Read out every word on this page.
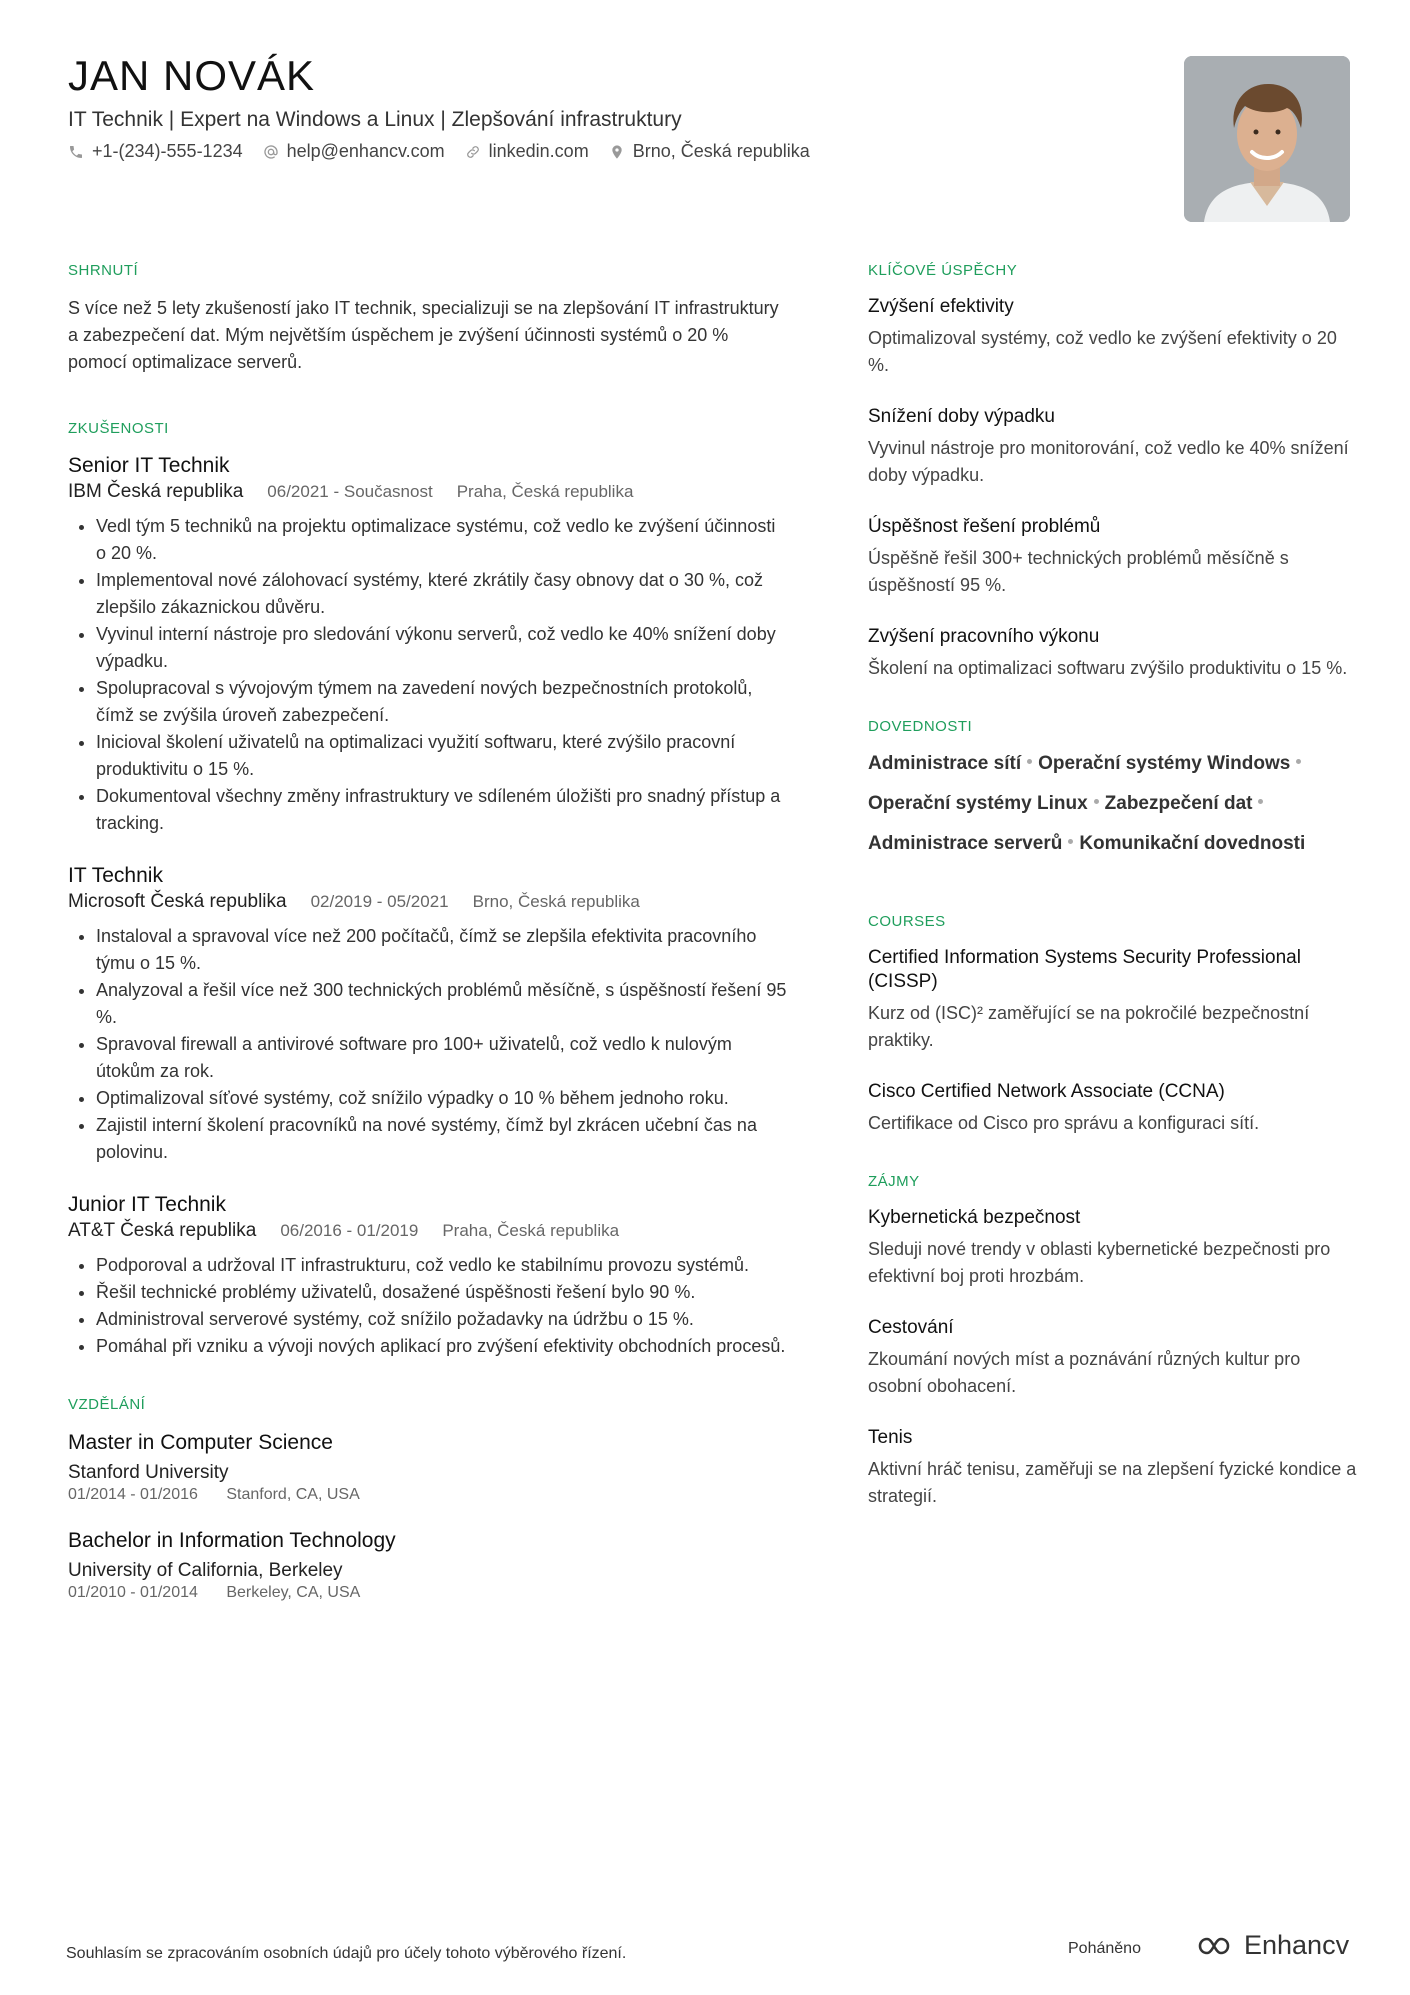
JAN NOVÁK
IT Technik | Expert na Windows a Linux | Zlepšování infrastruktury
+1-(234)-555-1234 help@enhancv.com linkedin.com Brno, Česká republika
SHRNUTÍ

S více než 5 lety zkušeností jako IT technik, specializuji se na zlepšování IT infrastruktury a zabezpečení dat. Mým největším úspěchem je zvýšení účinnosti systémů o 20 % pomocí optimalizace serverů.

ZKUŠENOSTI
Senior IT Technik
IBM Česká republika 06/2021 - Současnost Praha, Česká republika
• Vedl tým 5 techniků na projektu optimalizace systému, což vedlo ke zvýšení účinnosti o 20 %.
• Implementoval nové zálohovací systémy, které zkrátily časy obnovy dat o 30 %, což zlepšilo zákaznickou důvěru.
• Vyvinul interní nástroje pro sledování výkonu serverů, což vedlo ke 40% snížení doby výpadku.
• Spolupracoval s vývojovým týmem na zavedení nových bezpečnostních protokolů, čímž se zvýšila úroveň zabezpečení.
• Inicioval školení uživatelů na optimalizaci využití softwaru, které zvýšilo pracovní produktivitu o 15 %.
• Dokumentoval všechny změny infrastruktury ve sdíleném úložišti pro snadný přístup a tracking.
IT Technik
Microsoft Česká republika 02/2019 - 05/2021 Brno, Česká republika
• Instaloval a spravoval více než 200 počítačů, čímž se zlepšila efektivita pracovního týmu o 15 %.
• Analyzoval a řešil více než 300 technických problémů měsíčně, s úspěšností řešení 95 %.
• Spravoval firewall a antivirové software pro 100+ uživatelů, což vedlo k nulovým útokům za rok.
• Optimalizoval síťové systémy, což snížilo výpadky o 10 % během jednoho roku.
• Zajistil interní školení pracovníků na nové systémy, čímž byl zkrácen učební čas na polovinu.
Junior IT Technik
AT&T Česká republika 06/2016 - 01/2019 Praha, Česká republika
• Podporoval a udržoval IT infrastrukturu, což vedlo ke stabilnímu provozu systémů.
• Řešil technické problémy uživatelů, dosažené úspěšnosti řešení bylo 90 %.
• Administroval serverové systémy, což snížilo požadavky na údržbu o 15 %.
• Pomáhal při vzniku a vývoji nových aplikací pro zvýšení efektivity obchodních procesů.
VZDĚLÁNÍ
Master in Computer Science
Stanford University
01/2014 - 01/2016 Stanford, CA, USA
Bachelor in Information Technology
University of California, Berkeley
01/2010 - 01/2014 Berkeley, CA, USA
KLÍČOVÉ ÚSPĚCHY
Zvýšení efektivity
Optimalizoval systémy, což vedlo ke zvýšení efektivity o 20 %.
Snížení doby výpadku
Vyvinul nástroje pro monitorování, což vedlo ke 40% snížení doby výpadku.
Úspěšnost řešení problémů
Úspěšně řešil 300+ technických problémů měsíčně s úspěšností 95 %.
Zvýšení pracovního výkonu
Školení na optimalizaci softwaru zvýšilo produktivitu o 15 %.
DOVEDNOSTI
Administrace sítí Operační systémy Windows
Operační systémy Linux Zabezpečení dat
Administrace serverů Komunikační dovednosti
COURSES
Certified Information Systems Security Professional (CISSP)
Kurz od (ISC)² zaměřující se na pokročilé bezpečnostní praktiky.
Cisco Certified Network Associate (CCNA)
Certifikace od Cisco pro správu a konfiguraci sítí.
ZÁJMY
Kybernetická bezpečnost
Sleduji nové trendy v oblasti kybernetické bezpečnosti pro efektivní boj proti hrozbám.
Cestování
Zkoumání nových míst a poznávání různých kultur pro osobní obohacení.
Tenis
Aktivní hráč tenisu, zaměřuji se na zlepšení fyzické kondice a strategií.
Souhlasím se zpracováním osobních údajů pro účely tohoto výběrového řízení.	Poháněno	Enhancv
